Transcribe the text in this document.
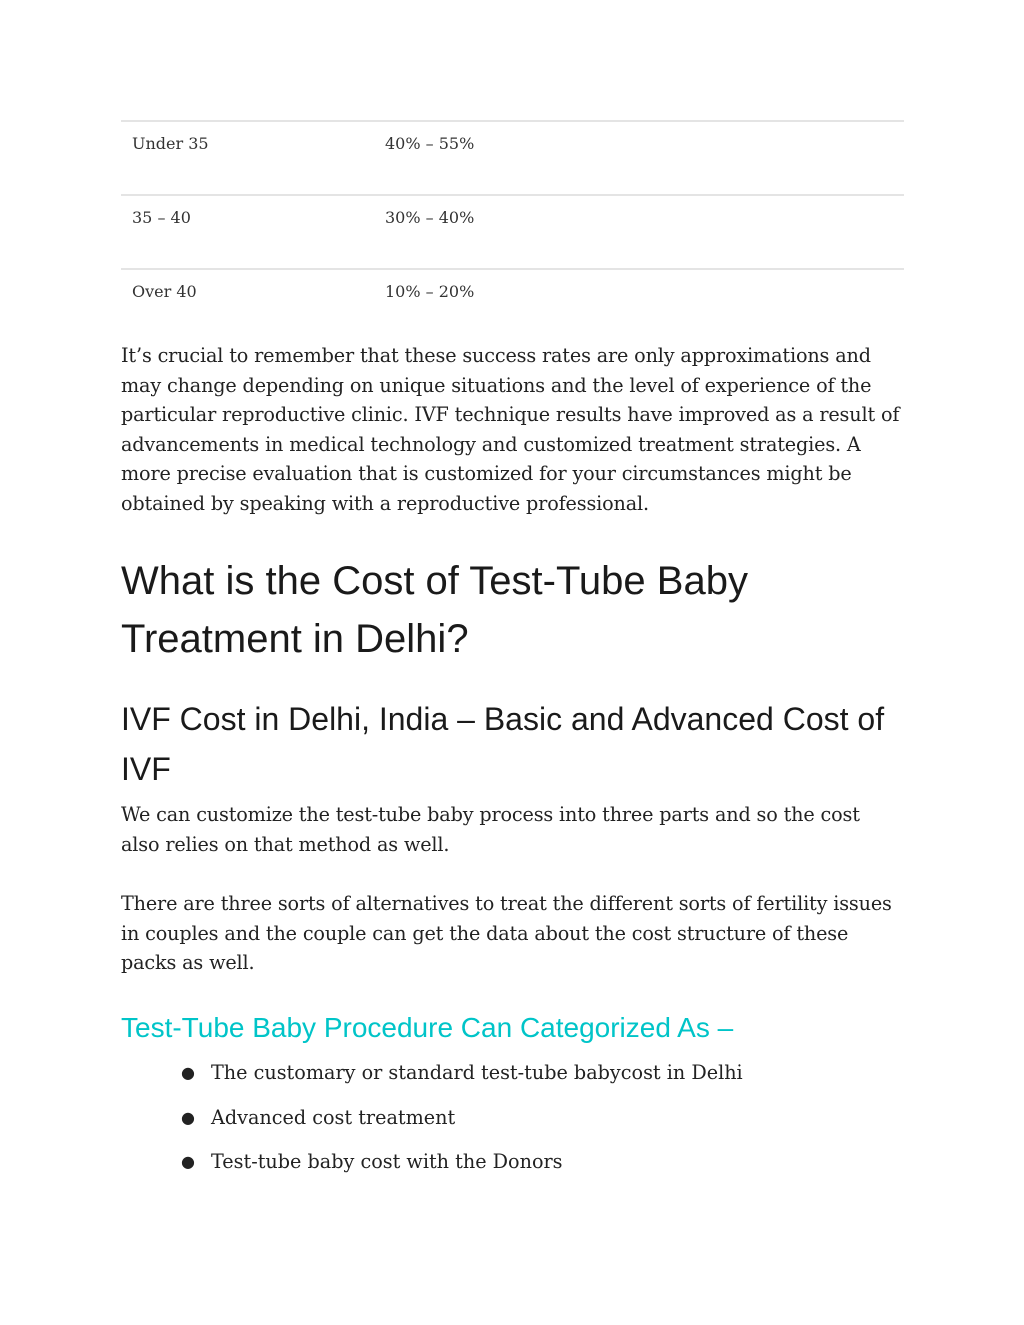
Under 35	40% – 55%
35 – 40	30% – 40%
Over 40	10% – 20%

It’s crucial to remember that these success rates are only approximations and may change depending on unique situations and the level of experience of the particular reproductive clinic. IVF technique results have improved as a result of advancements in medical technology and customized treatment strategies. A more precise evaluation that is customized for your circumstances might be obtained by speaking with a reproductive professional.

What is the Cost of Test-Tube Baby Treatment in Delhi?
IVF Cost in Delhi, India – Basic and Advanced Cost of IVF

We can customize the test-tube baby process into three parts and so the cost also relies on that method as well.

There are three sorts of alternatives to treat the different sorts of fertility issues in couples and the couple can get the data about the cost structure of these packs as well.

Test-Tube Baby Procedure Can Categorized As –
● The customary or standard test-tube babycost in Delhi
● Advanced cost treatment
● Test-tube baby cost with the Donors
